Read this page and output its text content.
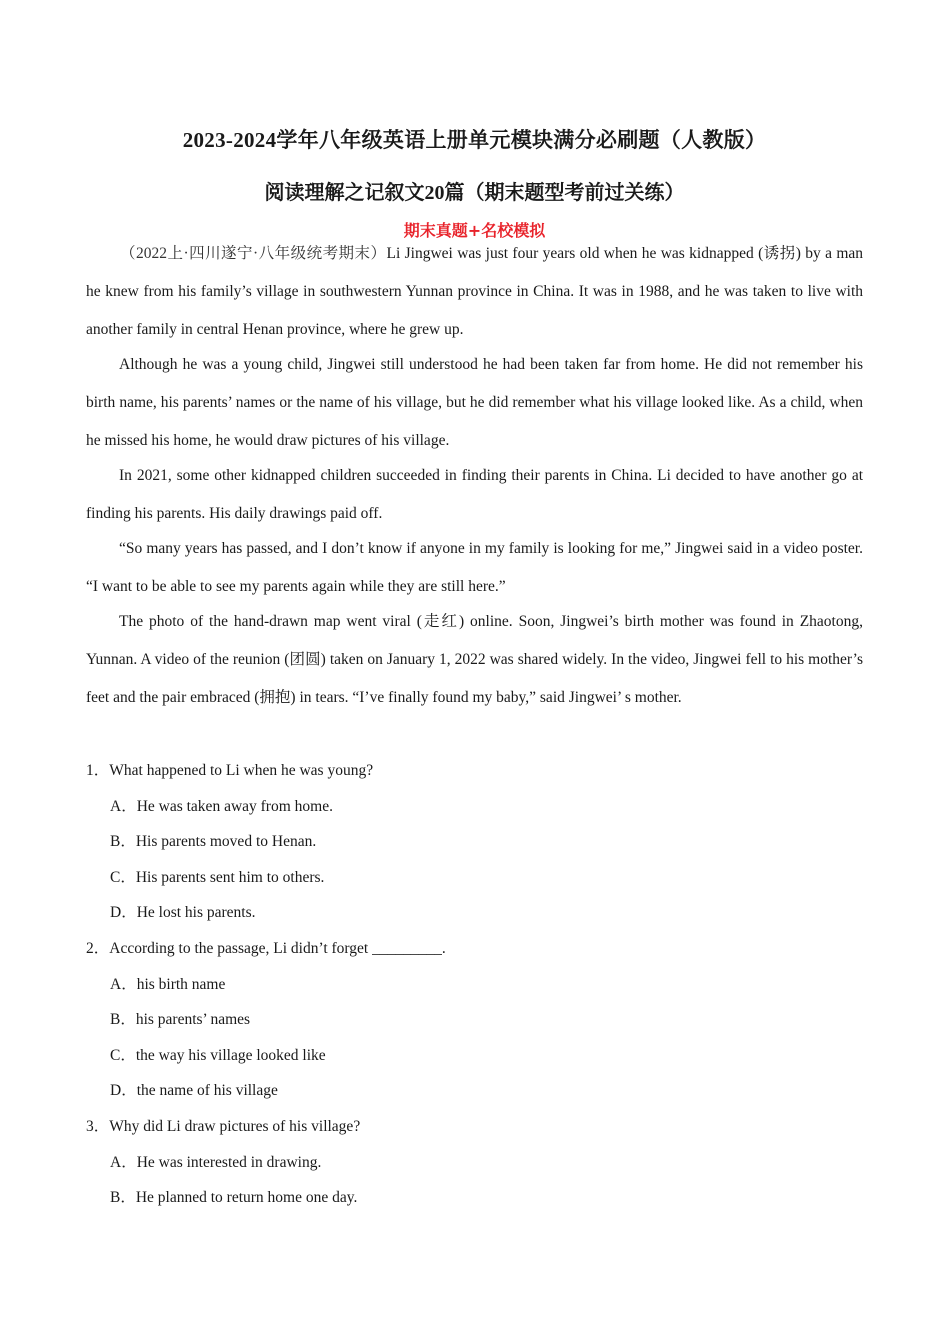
2023-2024学年八年级英语上册单元模块满分必刷题（人教版）
阅读理解之记叙文20篇（期末题型考前过关练）
期末真题+名校模拟

（2022上·四川遂宁·八年级统考期末）Li Jingwei was just four years old when he was kidnapped (诱拐) by a man he knew from his family’s village in southwestern Yunnan province in China. It was in 1988, and he was taken to live with another family in central Henan province, where he grew up.

Although he was a young child, Jingwei still understood he had been taken far from home. He did not remember his birth name, his parents’ names or the name of his village, but he did remember what his village looked like. As a child, when he missed his home, he would draw pictures of his village.

In 2021, some other kidnapped children succeeded in finding their parents in China. Li decided to have another go at finding his parents. His daily drawings paid off.

“So many years has passed, and I don’t know if anyone in my family is looking for me,” Jingwei said in a video poster. “I want to be able to see my parents again while they are still here.”

The photo of the hand-drawn map went viral (走红) online. Soon, Jingwei’s birth mother was found in Zhaotong, Yunnan. A video of the reunion (团圆) taken on January 1, 2022 was shared widely. In the video, Jingwei fell to his mother’s feet and the pair embraced (拥抱) in tears. “I’ve finally found my baby,” said Jingwei’ s mother.

1．What happened to Li when he was young?
A．He was taken away from home.
B．His parents moved to Henan.
C．His parents sent him to others.
D．He lost his parents.
2．According to the passage, Li didn’t forget _________.
A．his birth name
B．his parents’ names
C．the way his village looked like
D．the name of his village
3．Why did Li draw pictures of his village?
A．He was interested in drawing.
B．He planned to return home one day.
